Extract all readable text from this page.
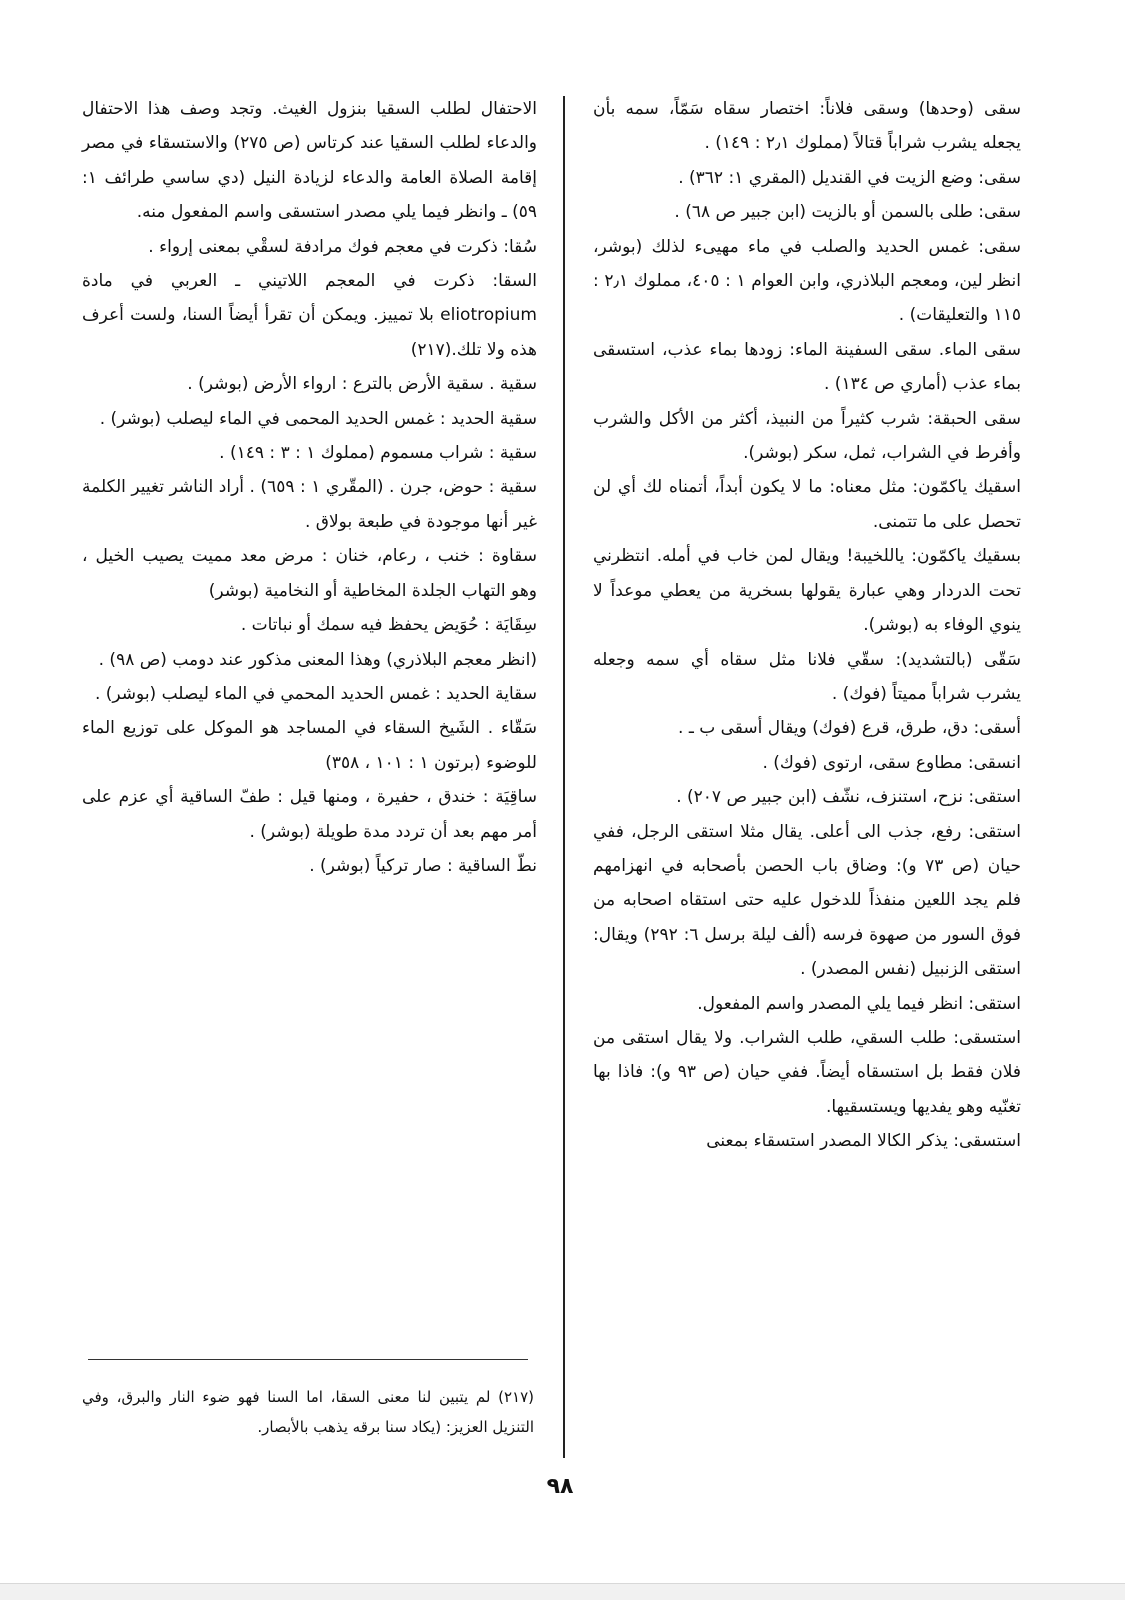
سقى (وحدها) وسقى فلاناً: اختصار سقاه سَمّاً، سمه بأن يجعله يشرب شراباً قتالاً (مملوك ٢٫١ : ١٤٩) .

سقى: وضع الزيت في القنديل (المقري ١: ٣٦٢) .

سقى: طلى بالسمن أو بالزيت (ابن جبير ص ٦٨) .

سقى: غمس الحديد والصلب في ماء مهيىء لذلك (بوشر، انظر لين، ومعجم البلاذري، وابن العوام ١ : ٤٠٥، مملوك ٢٫١ : ١١٥ والتعليقات) .

سقى الماء. سقى السفينة الماء: زودها بماء عذب، استسقى بماء عذب (أماري ص ١٣٤) .

سقى الحبقة: شرب كثيراً من النبيذ، أكثر من الأكل والشرب وأفرط في الشراب، ثمل، سكر (بوشر).

اسقيك ياكمّون: مثل معناه: ما لا يكون أبداً، أتمناه لك أي لن تحصل على ما تتمنى.

بسقيك ياكمّون: ياللخيبة! ويقال لمن خاب في أمله. انتظرني تحت الدردار وهي عبارة يقولها بسخرية من يعطي موعداً لا ينوي الوفاء به (بوشر).

سَقّى (بالتشديد): سقّي فلانا مثل سقاه أي سمه وجعله يشرب شراباً مميتاً (فوك) .

أسقى: دق، طرق، قرع (فوك) ويقال أسقى ب ـ .

انسقى: مطاوع سقى، ارتوى (فوك) .

استقى: نزح، استنزف، نشّف (ابن جبير ص ٢٠٧) .

استقى: رفع، جذب الى أعلى. يقال مثلا استقى الرجل، ففي حيان (ص ٧٣ و): وضاق باب الحصن بأصحابه في انهزامهم فلم يجد اللعين منفذاً للدخول عليه حتى استقاه اصحابه من فوق السور من صهوة فرسه (ألف ليلة برسل ٦: ٢٩٢) ويقال: استقى الزنبيل (نفس المصدر) .

استقى: انظر فيما يلي المصدر واسم المفعول.

استسقى: طلب السقي، طلب الشراب. ولا يقال استقى من فلان فقط بل استسقاه أيضاً. ففي حيان (ص ٩٣ و): فاذا بها تغنّيه وهو يفديها ويستسقيها.

استسقى: يذكر الكالا المصدر استسقاء بمعنى

الاحتفال لطلب السقيا بنزول الغيث. وتجد وصف هذا الاحتفال والدعاء لطلب السقيا عند كرتاس (ص ٢٧٥) والاستسقاء في مصر إقامة الصلاة العامة والدعاء لزيادة النيل (دي ساسي طرائف ١: ٥٩) ـ وانظر فيما يلي مصدر استسقى واسم المفعول منه.

سُقا: ذكرت في معجم فوك مرادفة لسقْي بمعنى إرواء .

السقا: ذكرت في المعجم اللاتيني ـ العربي في مادة eliotropium بلا تمييز. ويمكن أن تقرأ أيضاً السنا، ولست أعرف هذه ولا تلك.(٢١٧)

سقية . سقية الأرض بالترع : ارواء الأرض (بوشر) .

سقية الحديد : غمس الحديد المحمى في الماء ليصلب (بوشر) .

سقية : شراب مسموم (مملوك ١ : ٣ : ١٤٩) .

سقية : حوض، جرن . (المقّري ١ : ٦٥٩) . أراد الناشر تغيير الكلمة غير أنها موجودة في طبعة بولاق .

سقاوة : خنب ، رعام، خنان : مرض معد مميت يصيب الخيل ، وهو التهاب الجلدة المخاطية أو النخامية (بوشر)

سِقَايَة : حُوَيض يحفظ فيه سمك أو نباتات .

(انظر معجم البلاذري) وهذا المعنى مذكور عند دومب (ص ٩٨) .

سقاية الحديد : غمس الحديد المحمي في الماء ليصلب (بوشر) .

سَقّاء . الشَيخ السقاء في المساجد هو الموكل على توزيع الماء للوضوء (برتون ١ : ١٠١ ، ٣٥٨)

ساقِيَة : خندق ، حفيرة ، ومنها قيل : طفّ الساقية أي عزم على أمر مهم بعد أن تردد مدة طويلة (بوشر) .

نطّ الساقية : صار تركياً (بوشر) .

(٢١٧) لم يتبين لنا معنى السقا، اما السنا فهو ضوء النار والبرق، وفي التنزيل العزيز: (يكاد سنا برقه يذهب بالأبصار.
٩٨
